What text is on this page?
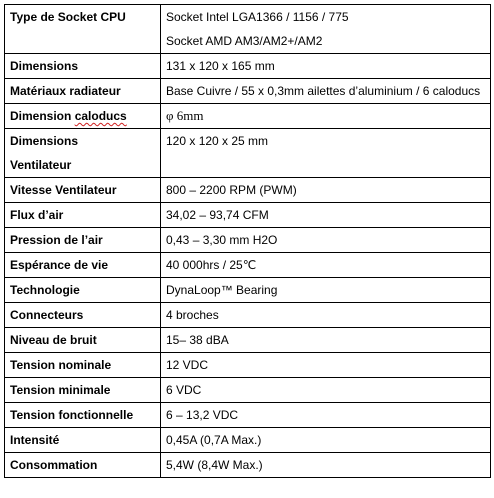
Type de Socket CPU	Socket Intel LGA1366 / 1156 / 775
Socket AMD AM3/AM2+/AM2

Dimensions	131 x 120 x 165 mm
Matériaux radiateur	Base Cuivre / 55 x 0,3mm ailettes d’aluminium / 6 caloducs

Dimension caloducs	φ 6mm

Dimensions
Ventilateur	120 x 120 x 25 mm
Vitesse Ventilateur	800 – 2200 RPM (PWM)
Flux d’air	34,02 – 93,74 CFM
Pression de l’air	0,43 – 3,30 mm H2O
Espérance de vie	40 000hrs / 25℃
Technologie	DynaLoop™ Bearing
Connecteurs	4 broches
Niveau de bruit	15– 38 dBA
Tension nominale	12 VDC
Tension minimale	6 VDC
Tension fonctionnelle	6 – 13,2 VDC
Intensité	0,45A (0,7A Max.)
Consommation	5,4W (8,4W Max.)
